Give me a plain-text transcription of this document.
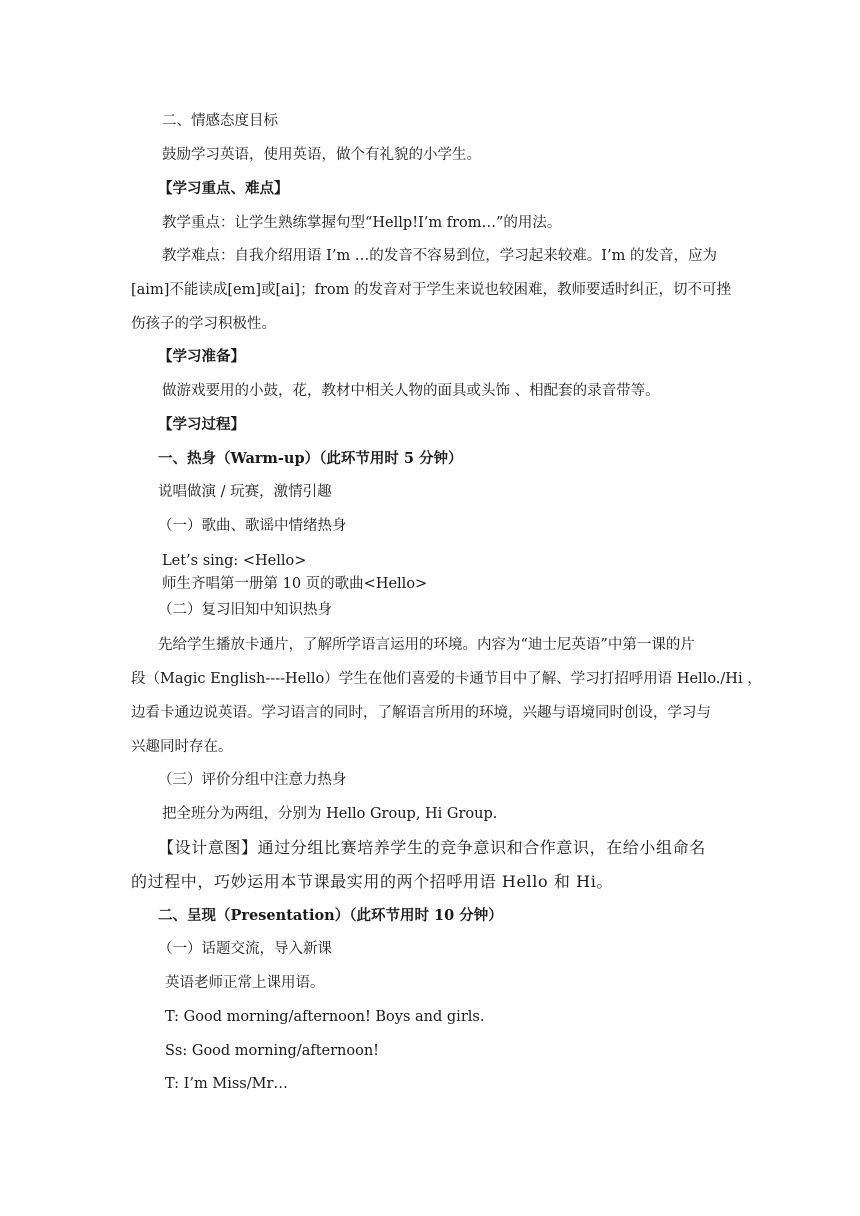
二、情感态度目标
鼓励学习英语，使用英语，做个有礼貌的小学生。
【学习重点、难点】
教学重点：让学生熟练掌握句型“Hellp!I’m from…”的用法。
教学难点：自我介绍用语 I’m …的发音不容易到位，学习起来较难。I’m 的发音，应为
[aim]不能读成[em]或[ai]；from 的发音对于学生来说也较困难，教师要适时纠正，切不可挫
伤孩子的学习积极性。
【学习准备】
做游戏要用的小鼓，花，教材中相关人物的面具或头饰 、相配套的录音带等。
【学习过程】
一、热身（Warm-up）（此环节用时 5 分钟）
说唱做演 / 玩赛，激情引趣
（一）歌曲、歌谣中情绪热身
Let’s sing: <Hello>
师生齐唱第一册第 10 页的歌曲<Hello>
（二）复习旧知中知识热身
先给学生播放卡通片，了解所学语言运用的环境。内容为“迪士尼英语”中第一课的片
段（Magic English----Hello）学生在他们喜爱的卡通节目中了解、学习打招呼用语 Hello./Hi ，
边看卡通边说英语。学习语言的同时，了解语言所用的环境，兴趣与语境同时创设，学习与
兴趣同时存在。
（三）评价分组中注意力热身
把全班分为两组，分别为 Hello Group, Hi Group.
【设计意图】通过分组比赛培养学生的竞争意识和合作意识，在给小组命名
的过程中，巧妙运用本节课最实用的两个招呼用语 Hello 和 Hi。
二、呈现（Presentation）（此环节用时 10 分钟）
（一）话题交流，导入新课
英语老师正常上课用语。
T: Good morning/afternoon! Boys and girls.
Ss: Good morning/afternoon!
T: I’m Miss/Mr…
